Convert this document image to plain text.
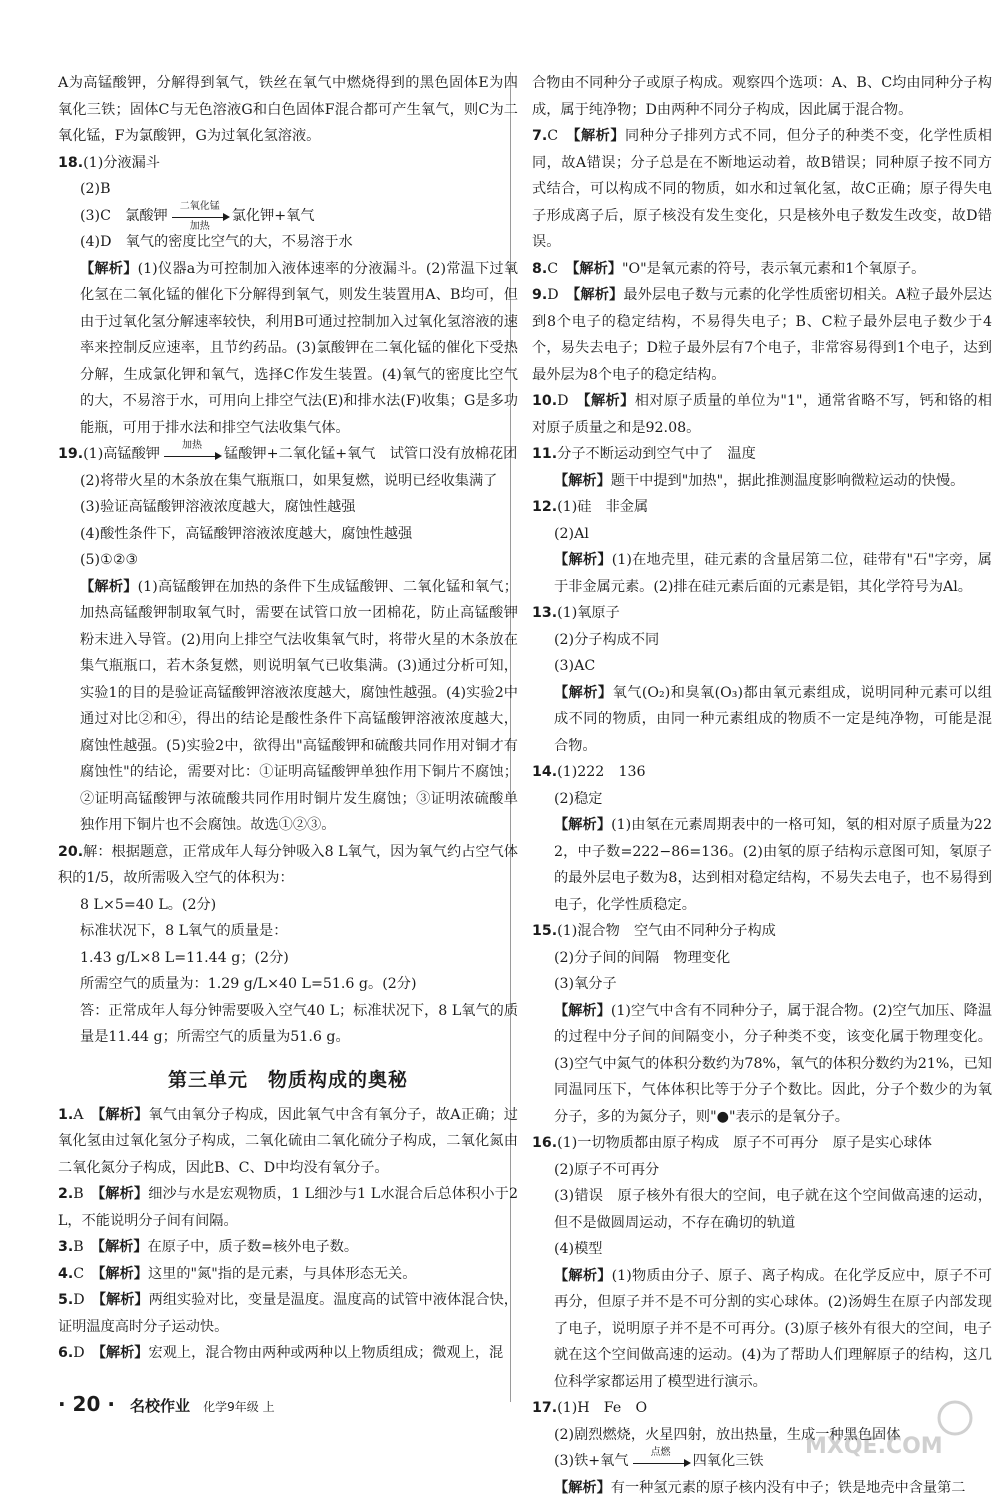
A为高锰酸钾，分解得到氧气，铁丝在氧气中燃烧得到的黑色固体E为四氧化三铁；固体C与无色溶液G和白色固体F混合都可产生氧气，则C为二氧化锰，F为氯酸钾，G为过氧化氢溶液。

18.(1)分液漏斗

(2)B

(3)C　氯酸钾
二氧化锰
加热
氯化钾+氧气

(4)D　氧气的密度比空气的大，不易溶于水

【解析】(1)仪器a为可控制加入液体速率的分液漏斗。(2)常温下过氧化氢在二氧化锰的催化下分解得到氧气，则发生装置用A、B均可，但由于过氧化氢分解速率较快，利用B可通过控制加入过氧化氢溶液的速率来控制反应速率，且节约药品。(3)氯酸钾在二氧化锰的催化下受热分解，生成氯化钾和氧气，选择C作发生装置。(4)氧气的密度比空气的大，不易溶于水，可用向上排空气法(E)和排水法(F)收集；G是多功能瓶，可用于排水法和排空气法收集气体。

19.(1)高锰酸钾
加热
锰酸钾+二氧化锰+氧气　试管口没有放棉花团

(2)将带火星的木条放在集气瓶瓶口，如果复燃，说明已经收集满了

(3)验证高锰酸钾溶液浓度越大，腐蚀性越强

(4)酸性条件下，高锰酸钾溶液浓度越大，腐蚀性越强

(5)①②③

【解析】(1)高锰酸钾在加热的条件下生成锰酸钾、二氧化锰和氧气；加热高锰酸钾制取氧气时，需要在试管口放一团棉花，防止高锰酸钾粉末进入导管。(2)用向上排空气法收集氧气时，将带火星的木条放在集气瓶瓶口，若木条复燃，则说明氧气已收集满。(3)通过分析可知，实验1的目的是验证高锰酸钾溶液浓度越大，腐蚀性越强。(4)实验2中通过对比②和④，得出的结论是酸性条件下高锰酸钾溶液浓度越大，腐蚀性越强。(5)实验2中，欲得出"高锰酸钾和硫酸共同作用对铜才有腐蚀性"的结论，需要对比：①证明高锰酸钾单独作用下铜片不腐蚀；②证明高锰酸钾与浓硫酸共同作用时铜片发生腐蚀；③证明浓硫酸单独作用下铜片也不会腐蚀。故选①②③。

20.解：根据题意，正常成年人每分钟吸入8 L氧气，因为氧气约占空气体积的1/5，故所需吸入空气的体积为：

8 L×5=40 L。(2分)

标准状况下，8 L氧气的质量是：

1.43 g/L×8 L=11.44 g；(2分)

所需空气的质量为：1.29 g/L×40 L=51.6 g。(2分)

答：正常成年人每分钟需要吸入空气40 L；标准状况下，8 L氧气的质量是11.44 g；所需空气的质量为51.6 g。

第三单元　物质构成的奥秘

1.A　 【解析】氧气由氧分子构成，因此氧气中含有氧分子，故A正确；过氧化氢由过氧化氢分子构成，二氧化硫由二氧化硫分子构成，二氧化氮由二氧化氮分子构成，因此B、C、D中均没有氧分子。

2.B　 【解析】细沙与水是宏观物质，1 L细沙与1 L水混合后总体积小于2 L，不能说明分子间有间隔。

3.B　 【解析】在原子中，质子数=核外电子数。

4.C　 【解析】这里的"氮"指的是元素，与具体形态无关。

5.D　 【解析】两组实验对比，变量是温度。温度高的试管中液体混合快，证明温度高时分子运动快。

6.D　 【解析】宏观上，混合物由两种或两种以上物质组成；微观上，混

合物由不同种分子或原子构成。观察四个选项：A、B、C均由同种分子构成，属于纯净物；D由两种不同分子构成，因此属于混合物。

7.C　 【解析】同种分子排列方式不同，但分子的种类不变，化学性质相同，故A错误；分子总是在不断地运动着，故B错误；同种原子按不同方式结合，可以构成不同的物质，如水和过氧化氢，故C正确；原子得失电子形成离子后，原子核没有发生变化，只是核外电子数发生改变，故D错误。

8.C　 【解析】"O"是氧元素的符号，表示氧元素和1个氧原子。

9.D　 【解析】最外层电子数与元素的化学性质密切相关。A粒子最外层达到8个电子的稳定结构，不易得失电子；B、C粒子最外层电子数少于4个，易失去电子；D粒子最外层有7个电子，非常容易得到1个电子，达到最外层为8个电子的稳定结构。

10.D　 【解析】相对原子质量的单位为"1"，通常省略不写，钙和铬的相对原子质量之和是92.08。

11.分子不断运动到空气中了　温度

【解析】题干中提到"加热"，据此推测温度影响微粒运动的快慢。

12.(1)硅　非金属

(2)Al

【解析】(1)在地壳里，硅元素的含量居第二位，硅带有"石"字旁，属于非金属元素。(2)排在硅元素后面的元素是铝，其化学符号为Al。

13.(1)氧原子

(2)分子构成不同

(3)AC

【解析】氧气(O₂)和臭氧(O₃)都由氧元素组成，说明同种元素可以组成不同的物质，由同一种元素组成的物质不一定是纯净物，可能是混合物。

14.(1)222　136

(2)稳定

【解析】(1)由氡在元素周期表中的一格可知，氡的相对原子质量为222，中子数=222−86=136。(2)由氡的原子结构示意图可知，氡原子的最外层电子数为8，达到相对稳定结构，不易失去电子，也不易得到电子，化学性质稳定。

15.(1)混合物　空气由不同种分子构成

(2)分子间的间隔　物理变化

(3)氧分子

【解析】(1)空气中含有不同种分子，属于混合物。(2)空气加压、降温的过程中分子间的间隔变小，分子种类不变，该变化属于物理变化。(3)空气中氮气的体积分数约为78%，氧气的体积分数约为21%，已知同温同压下，气体体积比等于分子个数比。因此，分子个数少的为氧分子，多的为氮分子，则"●"表示的是氧分子。

16.(1)一切物质都由原子构成　原子不可再分　原子是实心球体

(2)原子不可再分

(3)错误　原子核外有很大的空间，电子就在这个空间做高速的运动，但不是做圆周运动，不存在确切的轨道

(4)模型

【解析】(1)物质由分子、原子、离子构成。在化学反应中，原子不可再分，但原子并不是不可分割的实心球体。(2)汤姆生在原子内部发现了电子，说明原子并不是不可再分。(3)原子核外有很大的空间，电子就在这个空间做高速的运动。(4)为了帮助人们理解原子的结构，这几位科学家都运用了模型进行演示。

17.(1)H　Fe　O

(2)剧烈燃烧，火星四射，放出热量，生成一种黑色固体

(3)铁+氧气
点燃
四氧化三铁

【解析】有一种氢元素的原子核内没有中子；铁是地壳中含量第二

· 20 · 名校作业 化学9年级 上
MXQE.COM
